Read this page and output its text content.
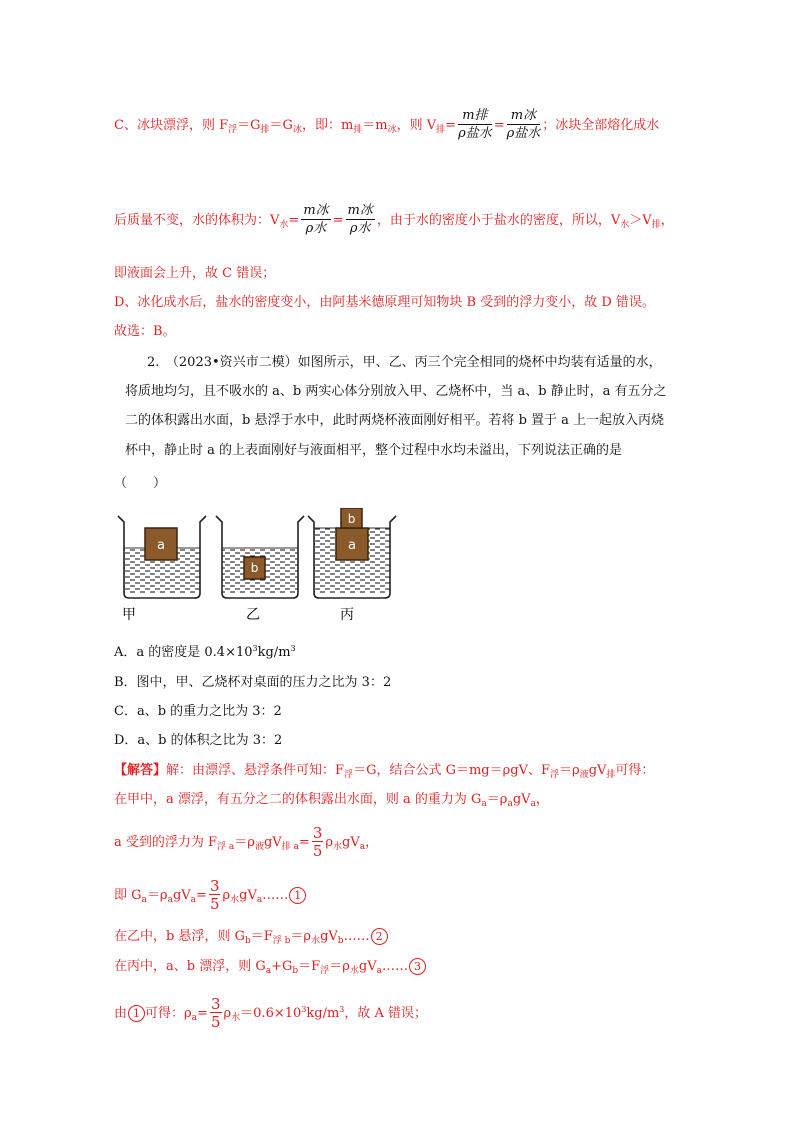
C、冰块漂浮，则 $F_浮=G_排=G_冰$，即：$m_排=m_冰$，则 $V_排= \frac{\text{m排}}{\text{ρ盐水}} = \frac{\text{m冰}}{\text{ρ盐水}}$ ；冰块全部熔化成水
后质量不变，水的体积为：$V_水= \frac{\text{m冰}}{\text{ρ水}} = \frac{\text{m冰}}{\text{ρ水}}$ ，由于水的密度小于盐水的密度，所以，$V_水>V_排$，
即液面会上升，故 C 错误；
D、冰化成水后，盐水的密度变小，由阿基米德原理可知物块 B 受到的浮力变小，故 D 错误。
故选：B。
2.　（2023•资兴市二模）如图所示，甲、乙、丙三个完全相同的烧杯中均装有适量的水，
将质地均匀，且不吸水的 a、b 两实心体分别放入甲、乙烧杯中，当 a、b 静止时，a 有五分之
二的体积露出水面，b 悬浮于水中，此时两烧杯液面刚好相平。若将 b 置于 a 上一起放入丙烧
杯中，静止时 a 的上表面刚好与液面相平，整个过程中水均未溢出，下列说法正确的是
（　　）
a
b
a
b
甲	乙	丙
A．a 的密度是 $0.4\times 10^3kg/m^3$
B．图中，甲、乙烧杯对桌面的压力之比为 3：2
C．a、b 的重力之比为 3：2
D．a、b 的体积之比为 3：2
【解答】解：由漂浮、悬浮条件可知：$F_浮=G$，结合公式 G＝mg＝ρgV、$F_浮=\rho_液gV_排$可得：
在甲中，a 漂浮，有五分之二的体积露出水面，则 a 的重力为 $G_a=\rho_agV_a$，
a 受到的浮力为 $F_{浮 a}=\rho_液gV_{排 a}= \frac{3}{5} \rho_水gV_a$，
即 $G_a=\rho_agV_a= \frac{3}{5}$ $\rho_水gV_a\dots\dots$ 1
在乙中，b 悬浮，则 $G_b=F_{浮 b}=\rho_水gV_b\dots\dots$ 2
在丙中，a、b 漂浮，则 $G_a+G_b=F_浮=\rho_水gV_a\dots\dots$ 3
由 1 可得：$\rho_a= \frac{3}{5} \rho_水=0.6\times 10^3kg/m^3$，故 A 错误；
